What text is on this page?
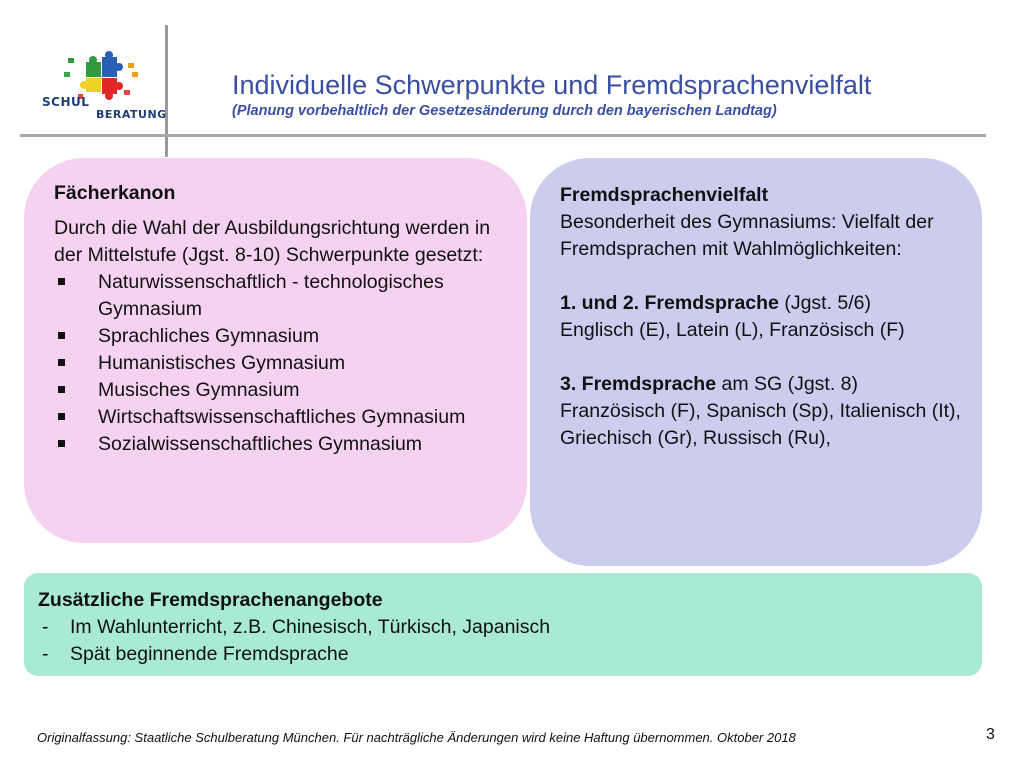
SCHUL

BERATUNG

Individuelle Schwerpunkte und Fremdsprachenvielfalt

(Planung vorbehaltlich der Gesetzesänderung durch den bayerischen Landtag)

Fächerkanon

Durch die Wahl der Ausbildungsrichtung werden in der Mittelstufe (Jgst. 8-10) Schwerpunkte gesetzt:

Naturwissenschaftlich - technologisches Gymnasium
Sprachliches Gymnasium
Humanistisches Gymnasium
Musisches Gymnasium
Wirtschaftswissenschaftliches Gymnasium
Sozialwissenschaftliches Gymnasium
Fremdsprachenvielfalt

Besonderheit des Gymnasiums: Vielfalt der Fremdsprachen mit Wahlmöglichkeiten:

1. und 2. Fremdsprache (Jgst. 5/6)

Englisch (E), Latein (L), Französisch (F)

3. Fremdsprache am SG (Jgst. 8)

Französisch (F), Spanisch (Sp), Italienisch (It), Griechisch (Gr), Russisch (Ru),

Zusätzliche Fremdsprachenangebote
- Im Wahlunterricht, z.B. Chinesisch, Türkisch, Japanisch
- Spät beginnende Fremdsprache

Originalfassung: Staatliche Schulberatung München. Für nachträgliche Änderungen wird keine Haftung übernommen. Oktober 2018	3
